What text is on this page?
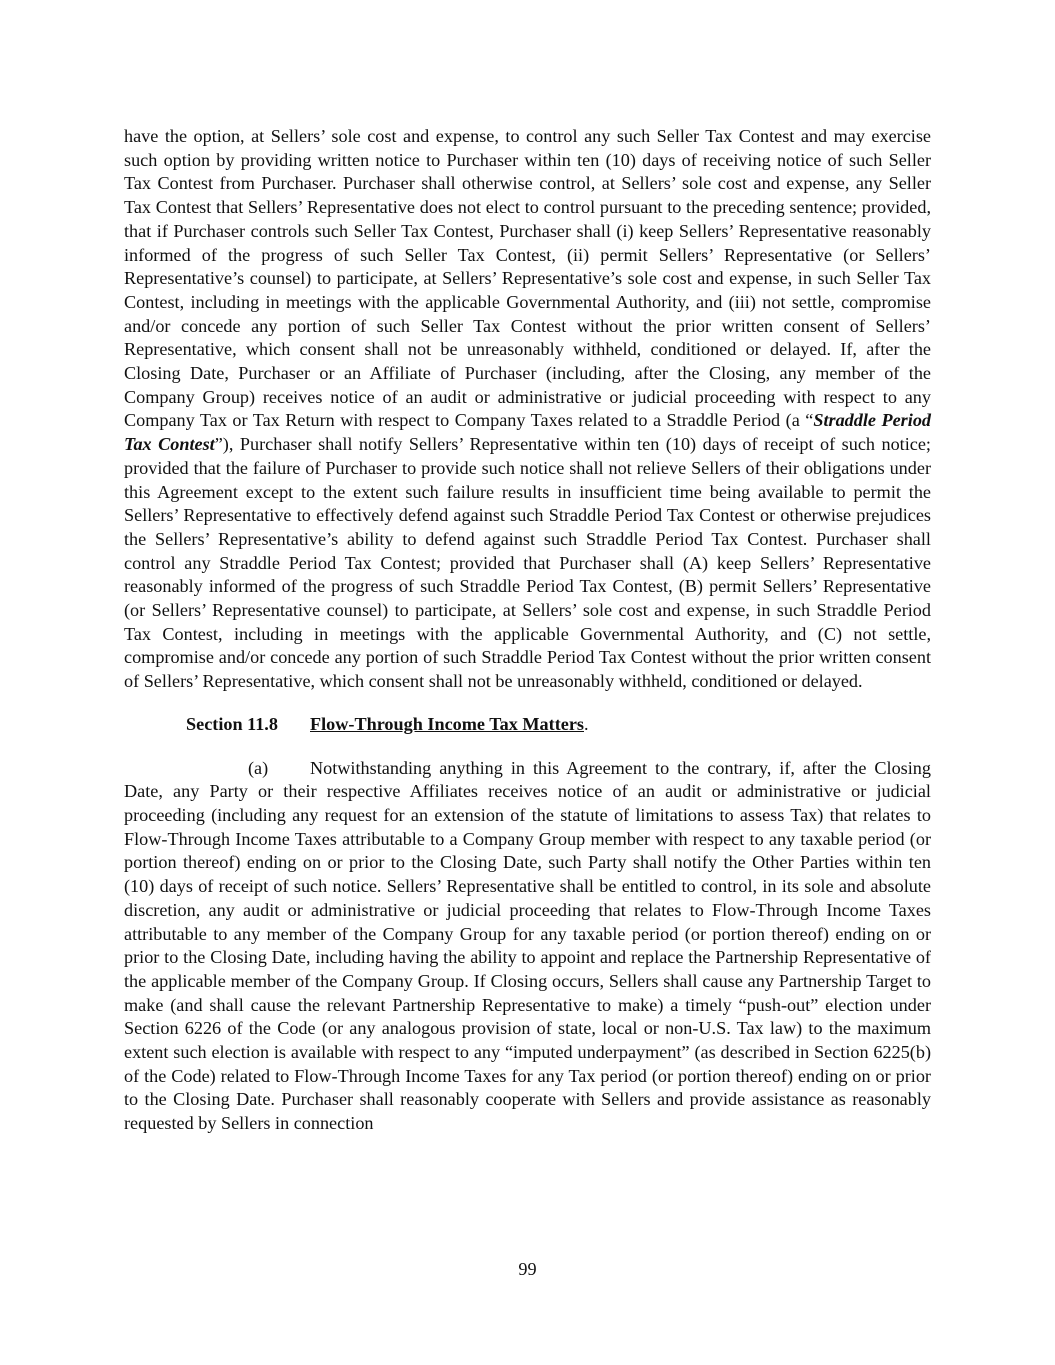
have the option, at Sellers’ sole cost and expense, to control any such Seller Tax Contest and may exercise such option by providing written notice to Purchaser within ten (10) days of receiving notice of such Seller Tax Contest from Purchaser. Purchaser shall otherwise control, at Sellers’ sole cost and expense, any Seller Tax Contest that Sellers’ Representative does not elect to control pursuant to the preceding sentence; provided, that if Purchaser controls such Seller Tax Contest, Purchaser shall (i) keep Sellers’ Representative reasonably informed of the progress of such Seller Tax Contest, (ii) permit Sellers’ Representative (or Sellers’ Representative’s counsel) to participate, at Sellers’ Representative’s sole cost and expense, in such Seller Tax Contest, including in meetings with the applicable Governmental Authority, and (iii) not settle, compromise and/or concede any portion of such Seller Tax Contest without the prior written consent of Sellers’ Representative, which consent shall not be unreasonably withheld, conditioned or delayed. If, after the Closing Date, Purchaser or an Affiliate of Purchaser (including, after the Closing, any member of the Company Group) receives notice of an audit or administrative or judicial proceeding with respect to any Company Tax or Tax Return with respect to Company Taxes related to a Straddle Period (a “Straddle Period Tax Contest”), Purchaser shall notify Sellers’ Representative within ten (10) days of receipt of such notice; provided that the failure of Purchaser to provide such notice shall not relieve Sellers of their obligations under this Agreement except to the extent such failure results in insufficient time being available to permit the Sellers’ Representative to effectively defend against such Straddle Period Tax Contest or otherwise prejudices the Sellers’ Representative’s ability to defend against such Straddle Period Tax Contest. Purchaser shall control any Straddle Period Tax Contest; provided that Purchaser shall (A) keep Sellers’ Representative reasonably informed of the progress of such Straddle Period Tax Contest, (B) permit Sellers’ Representative (or Sellers’ Representative counsel) to participate, at Sellers’ sole cost and expense, in such Straddle Period Tax Contest, including in meetings with the applicable Governmental Authority, and (C) not settle, compromise and/or concede any portion of such Straddle Period Tax Contest without the prior written consent of Sellers’ Representative, which consent shall not be unreasonably withheld, conditioned or delayed.

Section 11.8 Flow-Through Income Tax Matters.

(a) Notwithstanding anything in this Agreement to the contrary, if, after the Closing Date, any Party or their respective Affiliates receives notice of an audit or administrative or judicial proceeding (including any request for an extension of the statute of limitations to assess Tax) that relates to Flow-Through Income Taxes attributable to a Company Group member with respect to any taxable period (or portion thereof) ending on or prior to the Closing Date, such Party shall notify the Other Parties within ten (10) days of receipt of such notice. Sellers’ Representative shall be entitled to control, in its sole and absolute discretion, any audit or administrative or judicial proceeding that relates to Flow-Through Income Taxes attributable to any member of the Company Group for any taxable period (or portion thereof) ending on or prior to the Closing Date, including having the ability to appoint and replace the Partnership Representative of the applicable member of the Company Group. If Closing occurs, Sellers shall cause any Partnership Target to make (and shall cause the relevant Partnership Representative to make) a timely “push-out” election under Section 6226 of the Code (or any analogous provision of state, local or non-U.S. Tax law) to the maximum extent such election is available with respect to any “imputed underpayment” (as described in Section 6225(b) of the Code) related to Flow-Through Income Taxes for any Tax period (or portion thereof) ending on or prior to the Closing Date. Purchaser shall reasonably cooperate with Sellers and provide assistance as reasonably requested by Sellers in connection

99
